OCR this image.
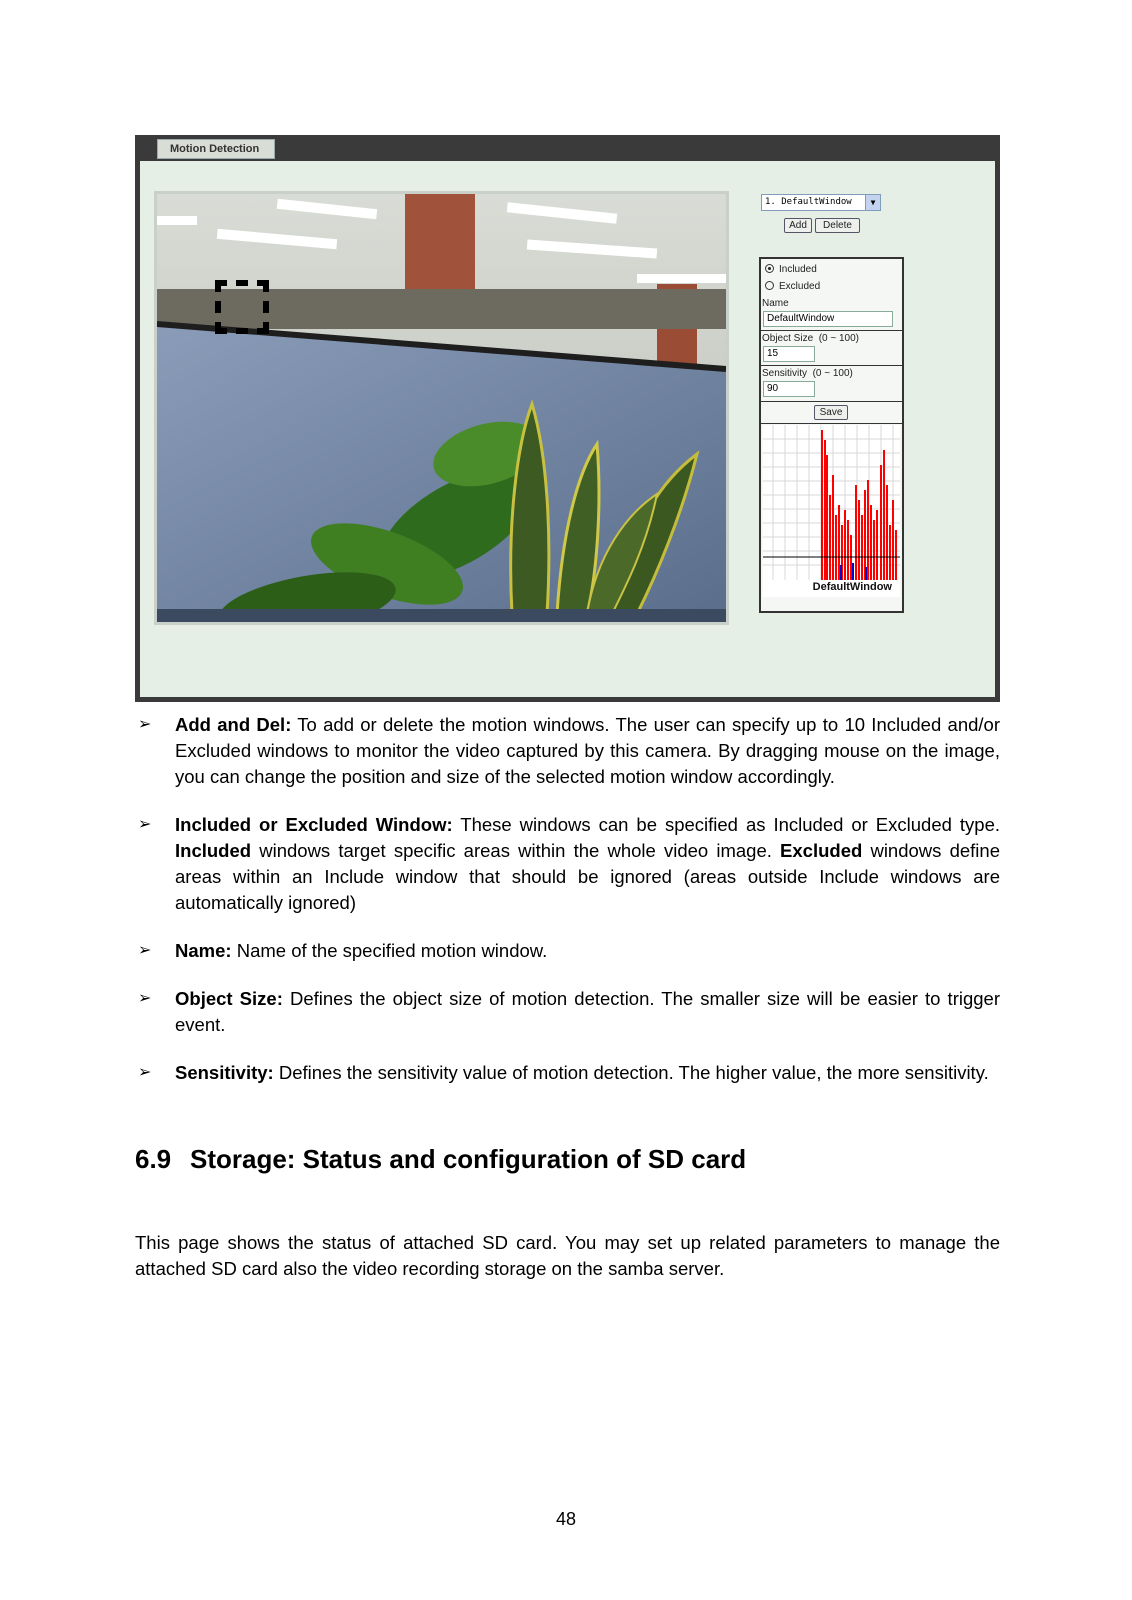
Motion Detection
1. DefaultWindow	▼
Add	Delete
Included
Excluded
Name
DefaultWindow
Object Size (0 ~ 100)
15
Sensitivity (0 ~ 100)
90
Save
DefaultWindow
➢ Add and Del: To add or delete the motion windows. The user can specify up to 10 Included and/or Excluded windows to monitor the video captured by this camera. By dragging mouse on the image, you can change the position and size of the selected motion window accordingly.
➢ Included or Excluded Window: These windows can be specified as Included or Excluded type. Included windows target specific areas within the whole video image. Excluded windows define areas within an Include window that should be ignored (areas outside Include windows are automatically ignored)
➢ Name: Name of the specified motion window.
➢ Object Size: Defines the object size of motion detection. The smaller size will be easier to trigger event.
➢ Sensitivity: Defines the sensitivity value of motion detection. The higher value, the more sensitivity.
6.9 Storage: Status and configuration of SD card
This page shows the status of attached SD card. You may set up related parameters to manage the attached SD card also the video recording storage on the samba server.
48
